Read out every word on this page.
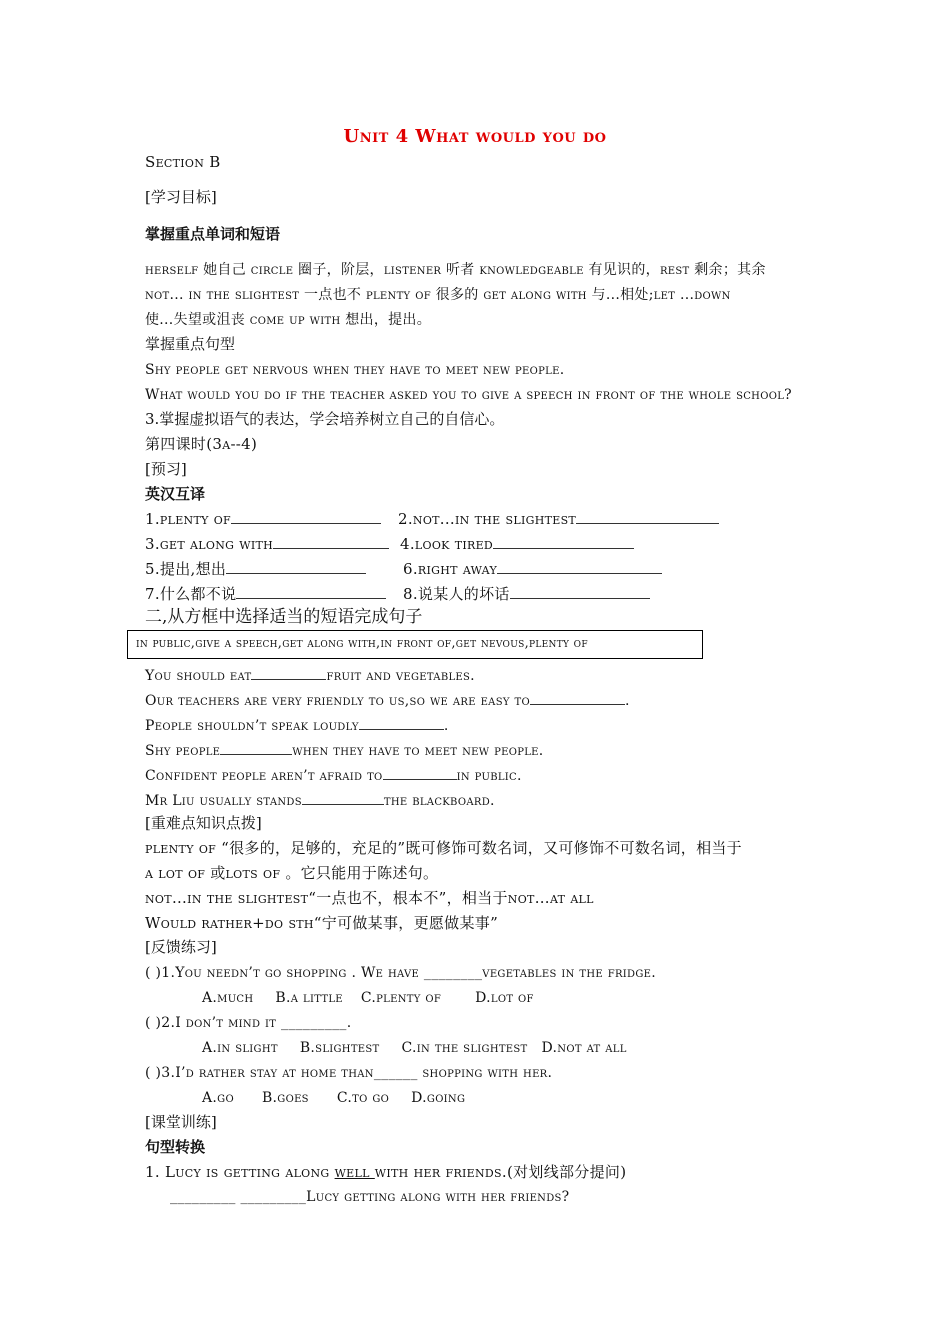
Unit 4 What would you do
Section B
[学习目标]
掌握重点单词和短语
herself 她自己 circle 圈子，阶层，listener 听者 knowledgeable 有见识的，rest 剩余；其余
not... in the slightest 一点也不 plenty of 很多的 get along with 与...相处;let ...down
使...失望或沮丧 come up with 想出，提出。
掌握重点句型
Shy people get nervous when they have to meet new people.
What would you do if the teacher asked you to give a speech in front of the whole school?
3.掌握虚拟语气的表达，学会培养树立自己的自信心。
第四课时(3a--4)
[预习]
英汉互译
1.plenty of	2.not...in the slightest
3.get along with	4.look tired
5.提出,想出	6.right away
7.什么都不说	8.说某人的坏话
二,从方框中选择适当的短语完成句子
in public,give a speech,get along with,in front of,get nevous,plenty of
You should eat	fruit and vegetables.
Our teachers are very friendly to us,so we are easy to	.
People shouldn’t speak loudly	.
Shy people	when they have to meet new people.
Confident people aren’t afraid to	in public.
Mr Liu usually stands	the blackboard.
[重难点知识点拨]
plenty of “很多的，足够的，充足的”既可修饰可数名词，又可修饰不可数名词，相当于
a lot of 或lots of 。它只能用于陈述句。
not…in the slightest“一点也不，根本不”，相当于not…at all
Would rather+do sth“宁可做某事，更愿做某事”
[反馈练习]
( )1.You needn’t go shopping . We have ________vegetables in the fridge.
A.much B.a little C.plenty of D.lot of
( )2.I don’t mind it _________.
A.in slight B.slightest C.in the slightest D.not at all
( )3.I’d rather stay at home than______ shopping with her.
A.go B.goes C.to go D.going
[课堂训练]
句型转换
1. Lucy is getting along well with her friends.(对划线部分提问)
_________ _________Lucy getting along with her friends?
